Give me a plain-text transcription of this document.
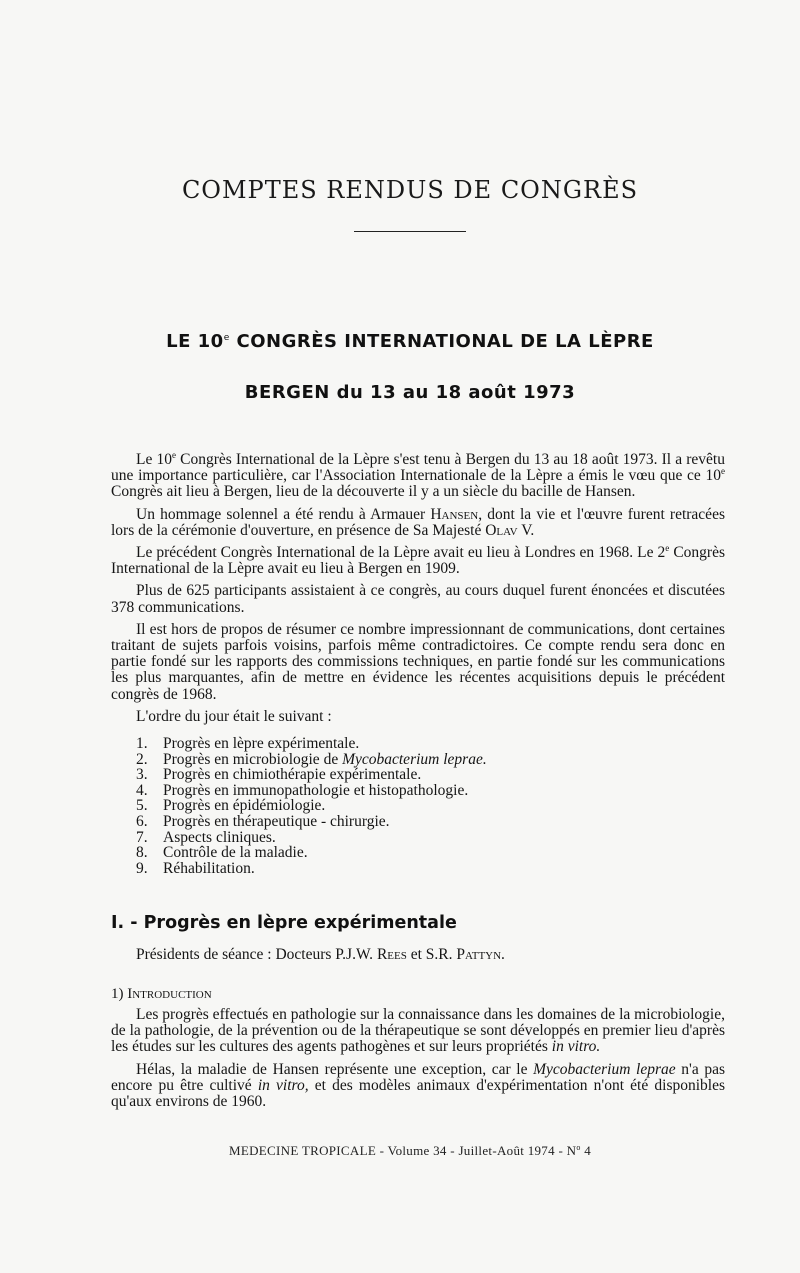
COMPTES RENDUS DE CONGRÈS
LE 10e CONGRÈS INTERNATIONAL DE LA LÈPRE
BERGEN du 13 au 18 août 1973

Le 10e Congrès International de la Lèpre s'est tenu à Bergen du 13 au 18 août 1973. Il a revêtu une importance particulière, car l'Association Internationale de la Lèpre a émis le vœu que ce 10e Congrès ait lieu à Bergen, lieu de la découverte il y a un siècle du bacille de Hansen.

Un hommage solennel a été rendu à Armauer Hansen, dont la vie et l'œuvre furent retracées lors de la cérémonie d'ouverture, en présence de Sa Majesté Olav V.

Le précédent Congrès International de la Lèpre avait eu lieu à Londres en 1968. Le 2e Congrès International de la Lèpre avait eu lieu à Bergen en 1909.

Plus de 625 participants assistaient à ce congrès, au cours duquel furent énoncées et discutées 378 communications.

Il est hors de propos de résumer ce nombre impressionnant de communications, dont certaines traitant de sujets parfois voisins, parfois même contradictoires. Ce compte rendu sera donc en partie fondé sur les rapports des commissions techniques, en partie fondé sur les communications les plus marquantes, afin de mettre en évidence les récentes acquisitions depuis le précédent congrès de 1968.

L'ordre du jour était le suivant :

1. Progrès en lèpre expérimentale.
2. Progrès en microbiologie de Mycobacterium leprae.
3. Progrès en chimiothérapie expérimentale.
4. Progrès en immunopathologie et histopathologie.
5. Progrès en épidémiologie.
6. Progrès en thérapeutique - chirurgie.
7. Aspects cliniques.
8. Contrôle de la maladie.
9. Réhabilitation.
I. - Progrès en lèpre expérimentale
Présidents de séance : Docteurs P.J.W. Rees et S.R. Pattyn.
1) Introduction

Les progrès effectués en pathologie sur la connaissance dans les domaines de la microbiologie, de la pathologie, de la prévention ou de la thérapeutique se sont développés en premier lieu d'après les études sur les cultures des agents pathogènes et sur leurs propriétés in vitro.

Hélas, la maladie de Hansen représente une exception, car le Mycobacterium leprae n'a pas encore pu être cultivé in vitro, et des modèles animaux d'expérimentation n'ont été disponibles qu'aux environs de 1960.

MEDECINE TROPICALE - Volume 34 - Juillet-Août $1974 - N^o$ 4
